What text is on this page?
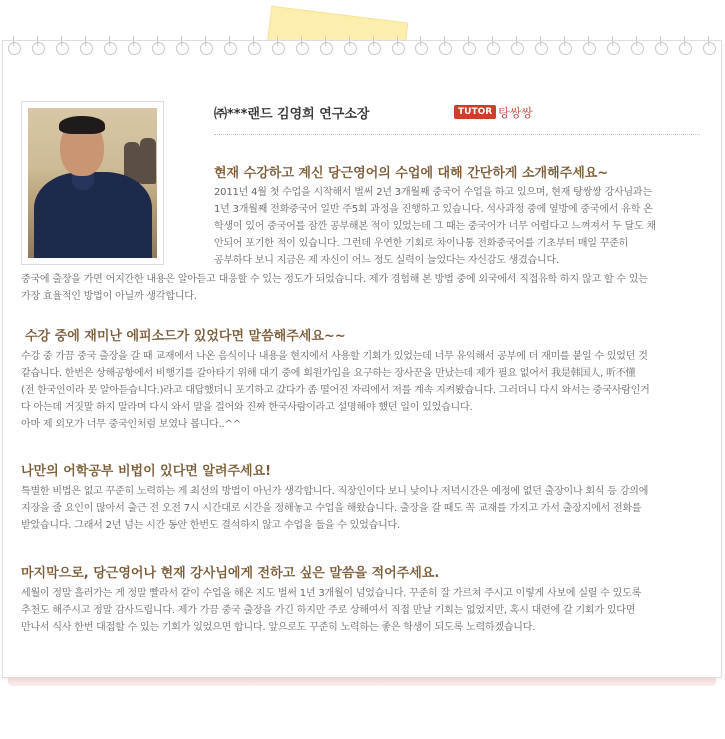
㈜***랜드 김영희 연구소장	TUTOR 탕쌍쌍
현재 수강하고 계신 당근영어의 수업에 대해 간단하게 소개해주세요~
2011년 4월 첫 수업을 시작해서 벌써 2년 3개월째 중국어 수업을 하고 있으며, 현재 탕쌍쌍 강사님과는
1년 3개월째 전화중국어 일반 주5회 과정을 진행하고 있습니다. 석사과정 중에 옆방에 중국에서 유학 온
학생이 있어 중국어를 잠깐 공부해본 적이 있었는데 그 때는 중국어가 너무 어렵다고 느껴져서 두 달도 채
안되어 포기한 적이 있습니다. 그런데 우연한 기회로 차이나통 전화중국어를 기초부터 매일 꾸준히
공부하다 보니 지금은 제 자신이 어느 정도 실력이 늘었다는 자신감도 생겼습니다.
중국에 출장을 가면 어지간한 내용은 알아듣고 대응할 수 있는 정도가 되었습니다. 제가 경험해 본 방법 중에 외국에서 직접유학 하지 않고 할 수 있는
가장 효율적인 방법이 아닐까 생각합니다.
수강 중에 재미난 에피소드가 있었다면 말씀해주세요~~
수강 중 가끔 중국 출장을 갈 때 교재에서 나온 음식이나 내용을 현지에서 사용할 기회가 있었는데 너무 유익해서 공부에 더 재미를 붙일 수 있었던 것
같습니다. 한번은 상해공항에서 비행기를 갈아타기 위해 대기 중에 회원가입을 요구하는 장사꾼을 만났는데 제가 필요 없어서 我是韩国人, 听不懂
(전 한국인이라 못 알아듣습니다.)라고 대답했더니 포기하고 갔다가 좀 떨어진 자리에서 저를 계속 지켜봤습니다. 그러더니 다시 와서는 중국사람인거
다 아는데 거짓말 하지 말라며 다시 와서 말을 걸어와 진짜 한국사람이라고 설명해야 했던 일이 있었습니다.
아마 제 외모가 너무 중국인처럼 보였나 봅니다..^^
나만의 어학공부 비법이 있다면 알려주세요!
특별한 비법은 없고 꾸준히 노력하는 게 최선의 방법이 아닌가 생각합니다. 직장인이다 보니 낮이나 저녁시간은 예정에 없던 출장이나 회식 등 강의에
지장을 줄 요인이 많아서 출근 전 오전 7시 시간대로 시간을 정해놓고 수업을 해왔습니다. 출장을 갈 때도 꼭 교재를 가지고 가서 출장지에서 전화를
받았습니다. 그래서 2년 넘는 시간 동안 한번도 결석하지 않고 수업을 들을 수 있었습니다.
마지막으로, 당근영어나 현재 강사님에게 전하고 싶은 말씀을 적어주세요.
세월이 정말 흘러가는 게 정말 빨라서 같이 수업을 해온 지도 벌써 1년 3개월이 넘었습니다. 꾸준히 잘 가르쳐 주시고 이렇게 사보에 실릴 수 있도록
추천도 해주시고 정말 감사드립니다. 제가 가끔 중국 출장을 가긴 하지만 주로 상해여서 직접 만날 기회는 없었지만, 혹시 대련에 갈 기회가 있다면
만나서 식사 한번 대접할 수 있는 기회가 있었으면 합니다. 앞으로도 꾸준히 노력하는 좋은 학생이 되도록 노력하겠습니다.
